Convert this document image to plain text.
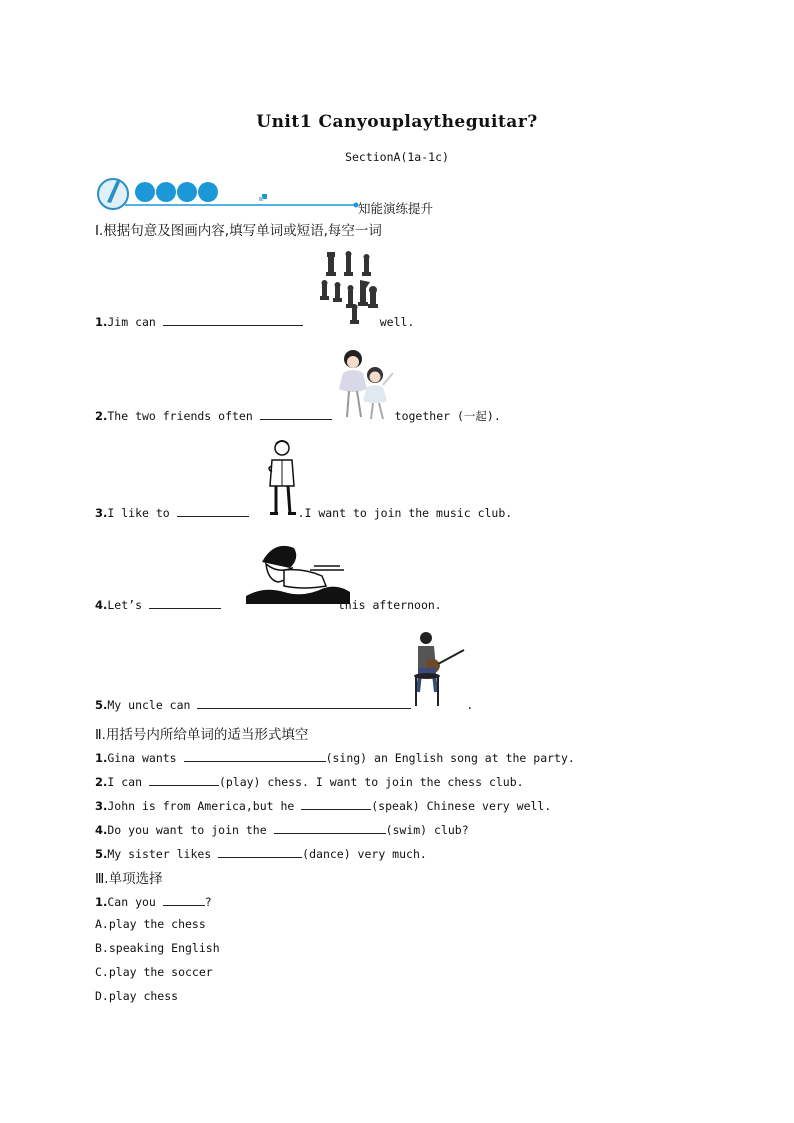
Unit1 Canyouplaytheguitar?
SectionA(1a-1c)
知能演练提升
Ⅰ.根据句意及图画内容,填写单词或短语,每空一词
1.Jim can	well.
2.The two friends often	together (一起).
3.I like to	.I want to join the music club.
4.Let’s	this afternoon.
5.My uncle can	.
Ⅱ.用括号内所给单词的适当形式填空
1.Gina wants	(sing) an English song at the party.
2.I can	(play) chess. I want to join the chess club.
3.John is from America,but he	(speak) Chinese very well.
4.Do you want to join the	(swim) club?
5.My sister likes	(dance) very much.
Ⅲ.单项选择
1.Can you	?
A.play the chess
B.speaking English
C.play the soccer
D.play chess
